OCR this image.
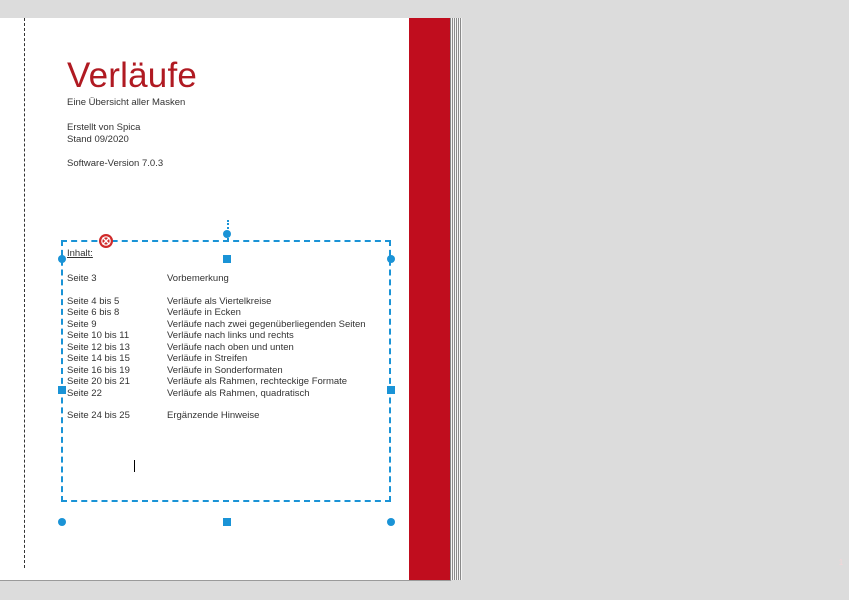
1
Verläufe
Eine Übersicht aller Masken
Erstellt von Spica
Stand 09/2020
Software-Version 7.0.3
Inhalt:
Seite 3	Vorbemerkung
Seite 4 bis 5	Verläufe als Viertelkreise
Seite 6 bis 8	Verläufe in Ecken
Seite 9	Verläufe nach zwei gegenüberliegenden Seiten
Seite 10 bis 11	Verläufe nach links und rechts
Seite 12 bis 13	Verläufe nach oben und unten
Seite 14 bis 15	Verläufe in Streifen
Seite 16 bis 19	Verläufe in Sonderformaten
Seite 20 bis 21	Verläufe als Rahmen, rechteckige Formate
Seite 22	Verläufe als Rahmen, quadratisch
Seite 24 bis 25	Ergänzende Hinweise
